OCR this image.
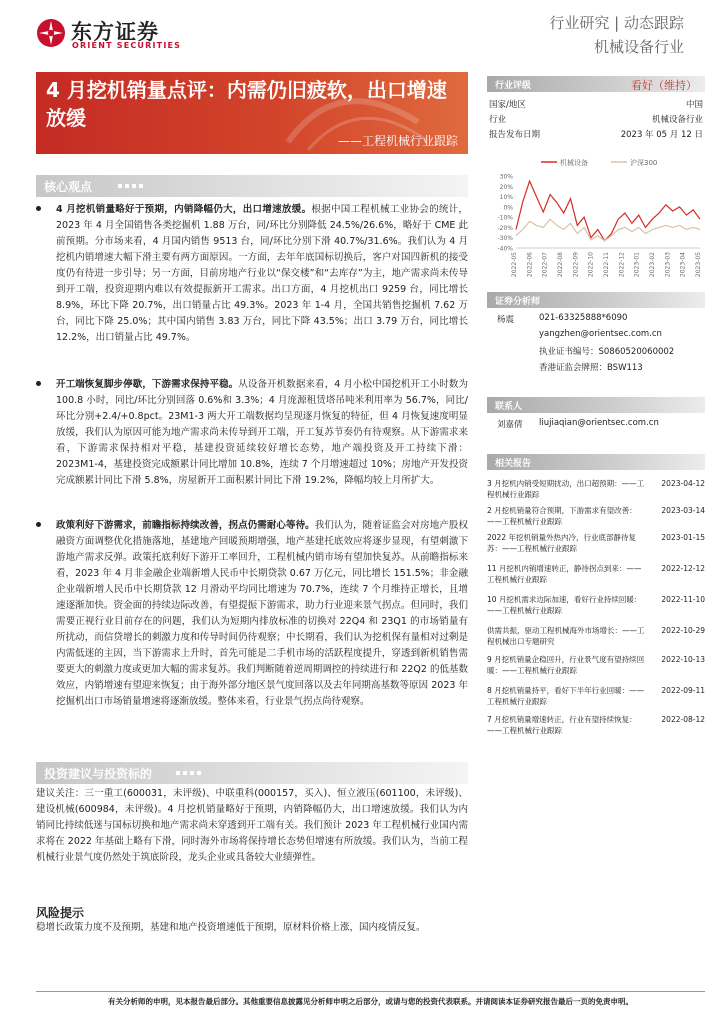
东方证券
ORIENT SECURITIES
行业研究 | 动态跟踪
机械设备行业
4 月挖机销量点评：内需仍旧疲软，出口增速放缓
——工程机械行业跟踪
核心观点

4 月挖机销量略好于预期，内销降幅仍大，出口增速放缓。根据中国工程机械工业协会的统计，2023 年 4 月全国销售各类挖掘机 1.88 万台，同/环比分别降低 24.5%/26.6%，略好于 CME 此前预期。分市场来看，4 月国内销售 9513 台，同/环比分别下滑 40.7%/31.6%。我们认为 4 月挖机内销增速大幅下滑主要有两方面原因。一方面，去年年底国标切换后，客户对国四新机的接受度仍有待进一步引导；另一方面，目前房地产行业以“保交楼”和“去库存”为主，地产需求尚未传导到开工端，投资迎期内难以有效提振新开工需求。出口方面，4 月挖机出口 9259 台，同比增长 8.9%，环比下降 20.7%，出口销量占比 49.3%。2023 年 1-4 月，全国共销售挖掘机 7.62 万台，同比下降 25.0%；其中国内销售 3.83 万台，同比下降 43.5%；出口 3.79 万台，同比增长 12.2%，出口销量占比 49.7%。

开工端恢复脚步停歇，下游需求保持平稳。从设备开机数据来看，4 月小松中国挖机开工小时数为 100.8 小时，同比/环比分别回落 0.6%和 3.3%；4 月庞源租赁塔吊吨米利用率为 56.7%，同比/环比分别+2.4/+0.8pct。23M1-3 两大开工端数据均呈现逐月恢复的特征，但 4 月恢复速度明显放缓，我们认为原因可能为地产需求尚未传导到开工端，开工复苏节奏仍有待观察。从下游需求来看，下游需求保持相对平稳，基建投资延续较好增长态势，地产端投资及开工持续下滑：2023M1-4，基建投资完成额累计同比增加 10.8%，连续 7 个月增速超过 10%；房地产开发投资完成额累计同比下滑 5.8%，房屋新开工面积累计同比下滑 19.2%，降幅均较上月所扩大。

政策利好下游需求，前瞻指标持续改善，拐点仍需耐心等待。我们认为，随着证监会对房地产股权融资方面调整优化措施落地，基建地产回暖预期增强，地产基建托底效应将逐步显现，有望刺激下游地产需求反弹。政策托底利好下游开工率回升，工程机械内销市场有望加快复苏。从前瞻指标来看，2023 年 4 月非金融企业端新增人民币中长期贷款 0.67 万亿元，同比增长 151.5%；非金融企业端新增人民币中长期贷款 12 月滑动平均同比增速为 70.7%，连续 7 个月维持正增长，且增速逐渐加快。资金面的持续边际改善，有望提振下游需求，助力行业迎来景气拐点。但同时，我们需要正视行业目前存在的问题，我们认为短期内排放标准的切换对 22Q4 和 23Q1 的市场销量有所扰动，而信贷增长的刺激力度和传导时间仍待观察；中长期看，我们认为挖机保有量相对过剩是内需低迷的主因，当下游需求上升时，首先可能是二手机市场的活跃程度提升，穿透到新机销售需要更大的刺激力度或更加大幅的需求复苏。我们判断随着逆周期调控的持续进行和 22Q2 的低基数效应，内销增速有望迎来恢复；由于海外部分地区景气度回落以及去年同期高基数等原因 2023 年挖掘机出口市场销量增速将逐渐放缓。整体来看，行业景气拐点尚待观察。

投资建议与投资标的
建议关注：三一重工(600031，未评级)、中联重科(000157，买入)、恒立液压(601100，未评级)、建设机械(600984，未评级)。4 月挖机销量略好于预期，内销降幅仍大，出口增速放缓。我们认为内销同比持续低迷与国标切换和地产需求尚未穿透到开工端有关。我们预计 2023 年工程机械行业国内需求将在 2022 年基础上略有下滑，同时海外市场将保持增长态势但增速有所放缓。我们认为，当前工程机械行业景气度仍然处于筑底阶段，龙头企业或具备较大业绩弹性。
风险提示
稳增长政策力度不及预期，基建和地产投资增速低于预期，原材料价格上涨，国内疫情反复。
行业评级	看好（维持）
国家/地区	中国
行业	机械设备行业
报告发布日期	2023 年 05 月 12 日
机械设备	沪深300
30%
20%
10%
0%
-10%
-20%
-30%
-40%
2022-05 2022-06 2022-07 2022-08 2022-09 2022-10 2022-11 2022-12 2023-01 2023-02 2023-03 2023-04 2023-05
证券分析师
杨震	021-63325888*6090
yangzhen@orientsec.com.cn
执业证书编号：S0860520060002
香港证监会牌照：BSW113
联系人
刘嘉倩 liujiaqian@orientsec.com.cn
相关报告
3 月挖机内销受短期扰动，出口超预期：——工程机械行业跟踪
2023-04-12
2 月挖机销量符合预期，下游需求有望改善：——工程机械行业跟踪
2023-03-14
2022 年挖机销量外热内冷，行业底部静待复苏：——工程机械行业跟踪
2023-01-15
11 月挖机内销增速转正，静待拐点到来：——工程机械行业跟踪
2022-12-12
10 月挖机需求边际加速，看好行业持续回暖：——工程机械行业跟踪
2022-11-10
供需共振，驱动工程机械海外市场增长：——工程机械出口专题研究
2022-10-29
9 月挖机销量企稳回升，行业景气度有望持续回暖：——工程机械行业跟踪
2022-10-13
8 月挖机销量持平，看好下半年行业回暖：——工程机械行业跟踪
2022-09-11
7 月挖机销量增速转正，行业有望持续恢复：——工程机械行业跟踪
2022-08-12
有关分析师的申明，见本报告最后部分。其他重要信息披露见分析师申明之后部分，或请与您的投资代表联系。并请阅读本证券研究报告最后一页的免责申明。
